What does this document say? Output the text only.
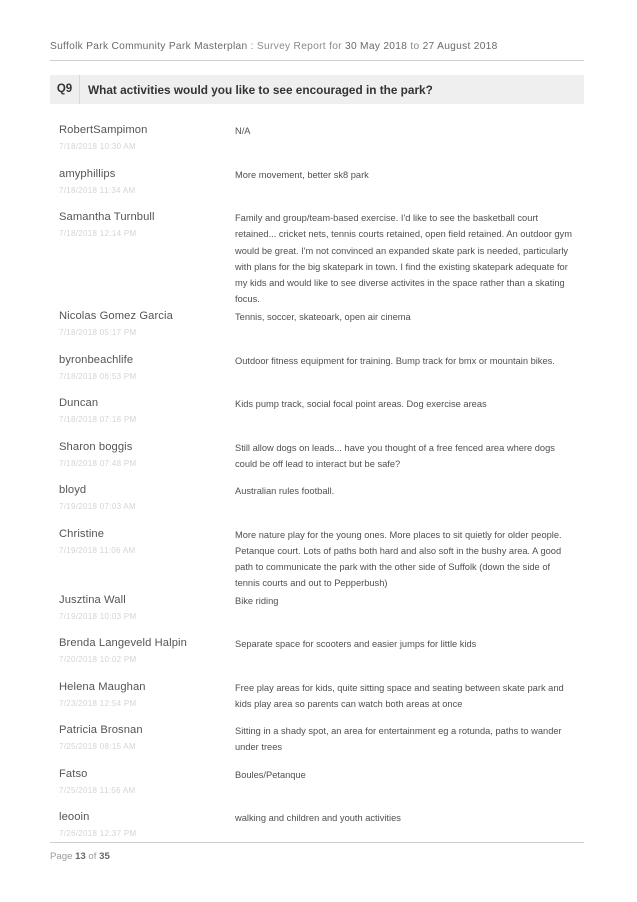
Suffolk Park Community Park Masterplan : Survey Report for 30 May 2018 to 27 August 2018
Q9	What activities would you like to see encouraged in the park?
RobertSampimon
7/18/2018 10:30 AM
N/A
amyphillips
7/18/2018 11:34 AM
More movement, better sk8 park
Samantha Turnbull
7/18/2018 12:14 PM
Family and group/team-based exercise. I'd like to see the basketball court retained... cricket nets, tennis courts retained, open field retained. An outdoor gym would be great. I'm not convinced an expanded skate park is needed, particularly with plans for the big skatepark in town. I find the existing skatepark adequate for my kids and would like to see diverse activites in the space rather than a skating focus.
Nicolas Gomez Garcia
7/18/2018 05:17 PM
Tennis, soccer, skateoark, open air cinema
byronbeachlife
7/18/2018 06:53 PM
Outdoor fitness equipment for training. Bump track for bmx or mountain bikes.
Duncan
7/18/2018 07:18 PM
Kids pump track, social focal point areas. Dog exercise areas
Sharon boggis
7/18/2018 07:48 PM
Still allow dogs on leads... have you thought of a free fenced area where dogs could be off lead to interact but be safe?
bloyd
7/19/2018 07:03 AM
Australian rules football.
Christine
7/19/2018 11:06 AM
More nature play for the young ones. More places to sit quietly for older people. Petanque court. Lots of paths both hard and also soft in the bushy area. A good path to communicate the park with the other side of Suffolk (down the side of tennis courts and out to Pepperbush)
Jusztina Wall
7/19/2018 10:03 PM
Bike riding
Brenda Langeveld Halpin
7/20/2018 10:02 PM
Separate space for scooters and easier jumps for little kids
Helena Maughan
7/23/2018 12:54 PM
Free play areas for kids, quite sitting space and seating between skate park and kids play area so parents can watch both areas at once
Patricia Brosnan
7/25/2018 08:15 AM
Sitting in a shady spot, an area for entertainment eg a rotunda, paths to wander under trees
Fatso
7/25/2018 11:56 AM
Boules/Petanque
leooin
7/26/2018 12:37 PM
walking and children and youth activities
Page 13 of 35
